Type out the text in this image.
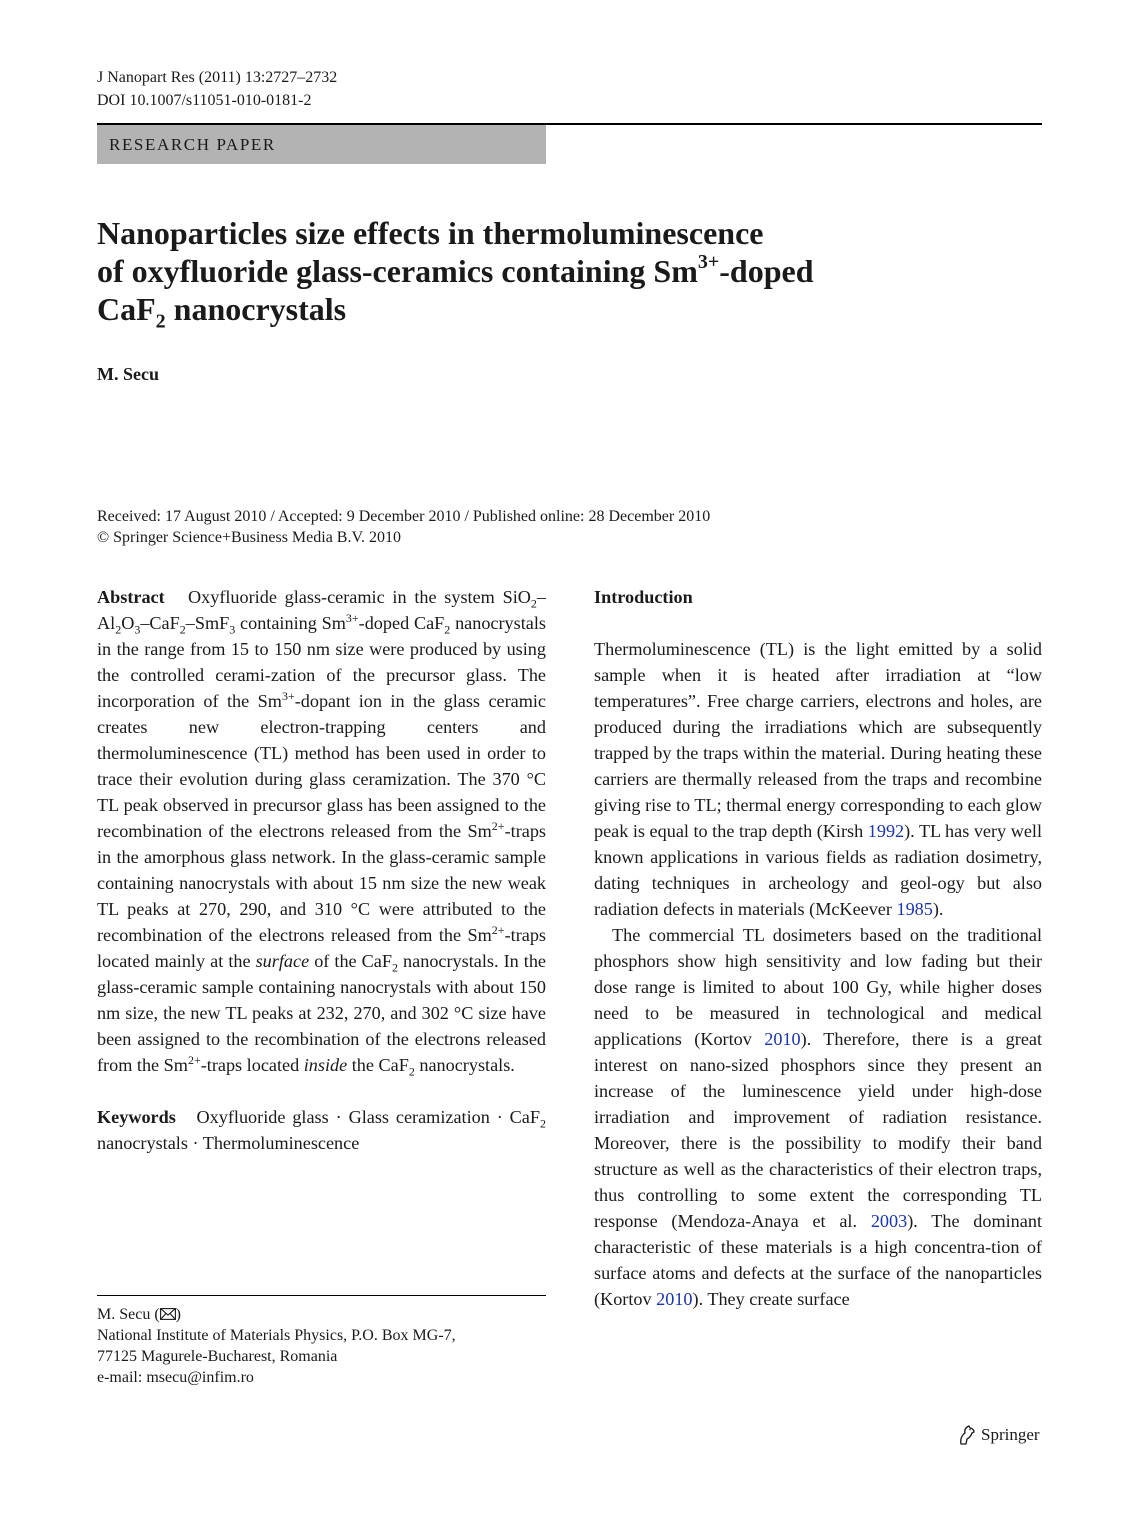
J Nanopart Res (2011) 13:2727–2732
DOI 10.1007/s11051-010-0181-2
RESEARCH PAPER
Nanoparticles size effects in thermoluminescence
of oxyfluoride glass-ceramics containing $Sm^{3+}$-doped
CaF$_2$ nanocrystals
M. Secu
Received: 17 August 2010 / Accepted: 9 December 2010 / Published online: 28 December 2010
© Springer Science+Business Media B.V. 2010

Abstract Oxyfluoride glass-ceramic in the system $SiO_2-Al_2O_3-CaF_2-SmF_3$ containing $Sm^{3+}$-doped CaF$_2$ nanocrystals in the range from 15 to 150 nm size were produced by using the controlled cerami-zation of the precursor glass. The incorporation of the $Sm^{3+}$-dopant ion in the glass ceramic creates new electron-trapping centers and thermoluminescence (TL) method has been used in order to trace their evolution during glass ceramization. The 370 °C TL peak observed in precursor glass has been assigned to the recombination of the electrons released from the $Sm^{2+}$-traps in the amorphous glass network. In the glass-ceramic sample containing nanocrystals with about 15 nm size the new weak TL peaks at 270, 290, and 310 °C were attributed to the recombination of the electrons released from the $Sm^{2+}$-traps located mainly at the surface of the CaF$_2$ nanocrystals. In the glass-ceramic sample containing nanocrystals with about 150 nm size, the new TL peaks at 232, 270, and 302 °C size have been assigned to the recombination of the electrons released from the $Sm^{2+}$-traps located inside the CaF$_2$ nanocrystals.

Keywords Oxyfluoride glass · Glass ceramization · CaF$_2$ nanocrystals · Thermoluminescence

M. Secu ( )
National Institute of Materials Physics, P.O. Box MG-7,
77125 Magurele-Bucharest, Romania
e-mail: msecu@infim.ro

Introduction

Thermoluminescence (TL) is the light emitted by a solid sample when it is heated after irradiation at “low temperatures”. Free charge carriers, electrons and holes, are produced during the irradiations which are subsequently trapped by the traps within the material. During heating these carriers are thermally released from the traps and recombine giving rise to TL; thermal energy corresponding to each glow peak is equal to the trap depth (Kirsh 1992). TL has very well known applications in various fields as radiation dosimetry, dating techniques in archeology and geol-ogy but also radiation defects in materials (McKeever 1985).

The commercial TL dosimeters based on the traditional phosphors show high sensitivity and low fading but their dose range is limited to about 100 Gy, while higher doses need to be measured in technological and medical applications (Kortov 2010). Therefore, there is a great interest on nano-sized phosphors since they present an increase of the luminescence yield under high-dose irradiation and improvement of radiation resistance. Moreover, there is the possibility to modify their band structure as well as the characteristics of their electron traps, thus controlling to some extent the corresponding TL response (Mendoza-Anaya et al. 2003). The dominant characteristic of these materials is a high concentra-tion of surface atoms and defects at the surface of the nanoparticles (Kortov 2010). They create surface

Springer
